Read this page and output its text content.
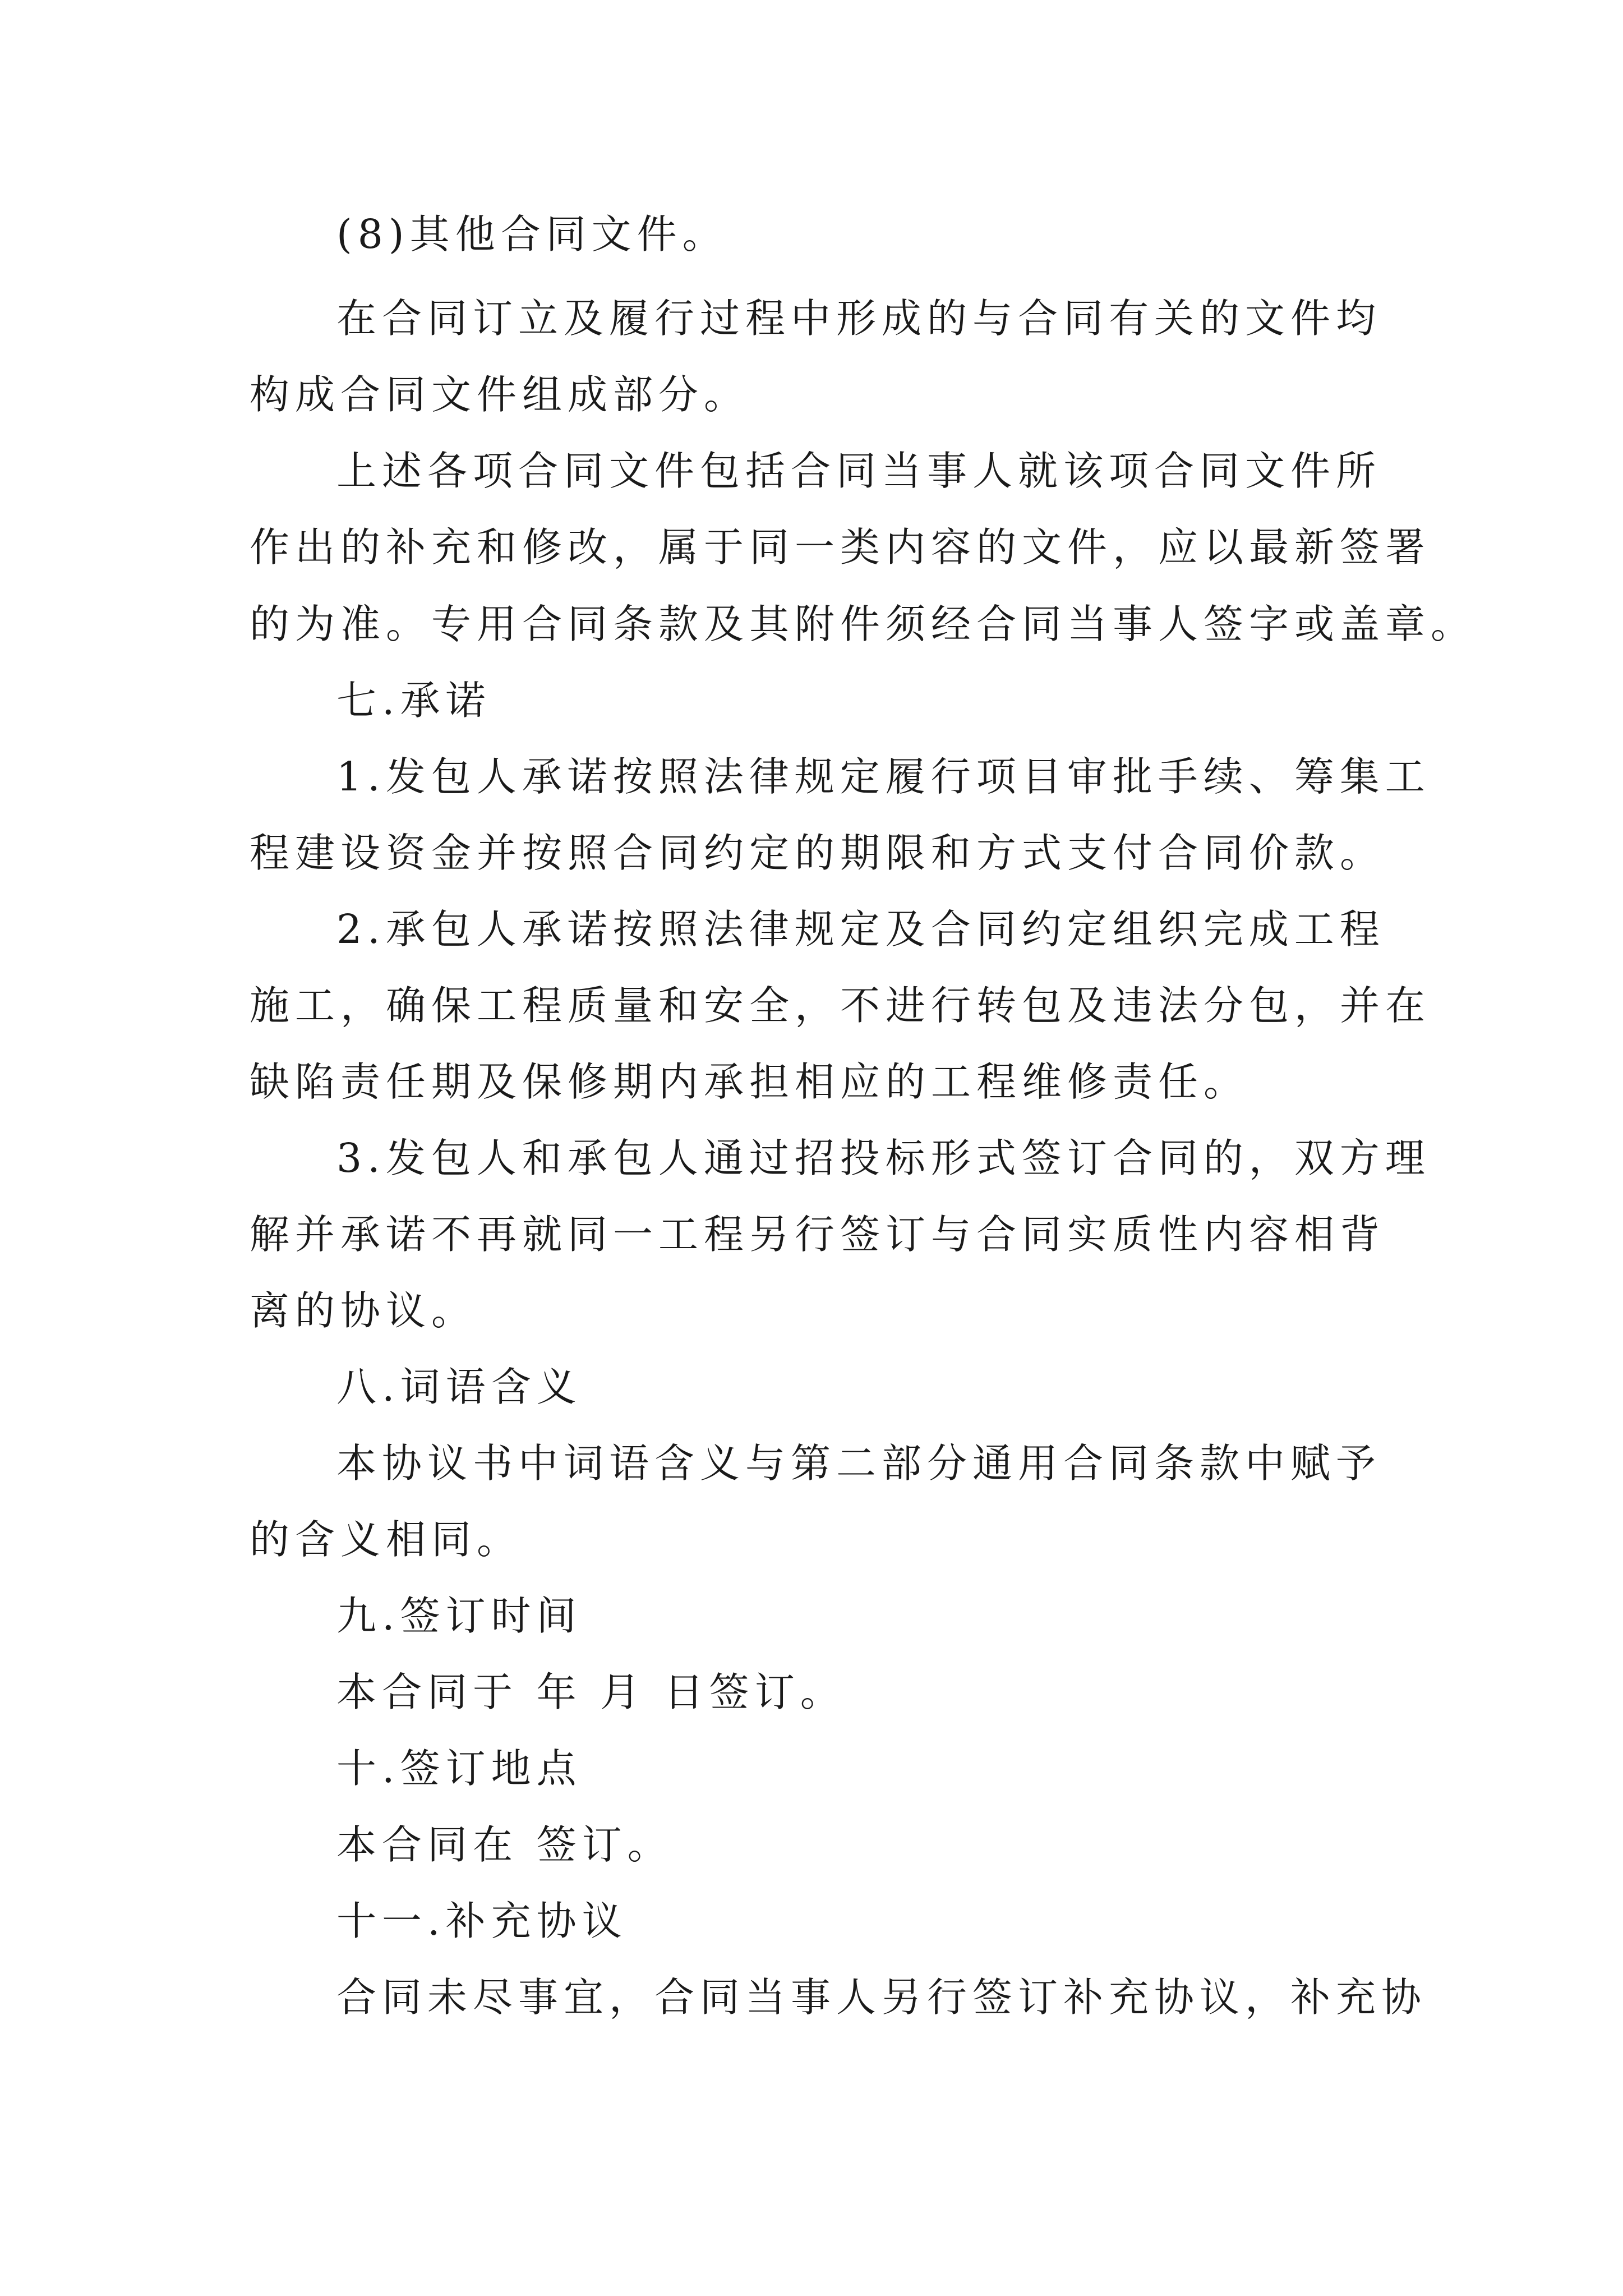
(8)其他合同文件。

在合同订立及履行过程中形成的与合同有关的文件均

构成合同文件组成部分。

上述各项合同文件包括合同当事人就该项合同文件所

作出的补充和修改，属于同一类内容的文件，应以最新签署

的为准。专用合同条款及其附件须经合同当事人签字或盖章。

七.承诺

1.发包人承诺按照法律规定履行项目审批手续、筹集工

程建设资金并按照合同约定的期限和方式支付合同价款。

2.承包人承诺按照法律规定及合同约定组织完成工程

施工，确保工程质量和安全，不进行转包及违法分包，并在

缺陷责任期及保修期内承担相应的工程维修责任。

3.发包人和承包人通过招投标形式签订合同的，双方理

解并承诺不再就同一工程另行签订与合同实质性内容相背

离的协议。

八.词语含义

本协议书中词语含义与第二部分通用合同条款中赋予

的含义相同。

九.签订时间

本合同于 年 月 日签订。

十.签订地点

本合同在 签订。

十一.补充协议

合同未尽事宜，合同当事人另行签订补充协议，补充协
